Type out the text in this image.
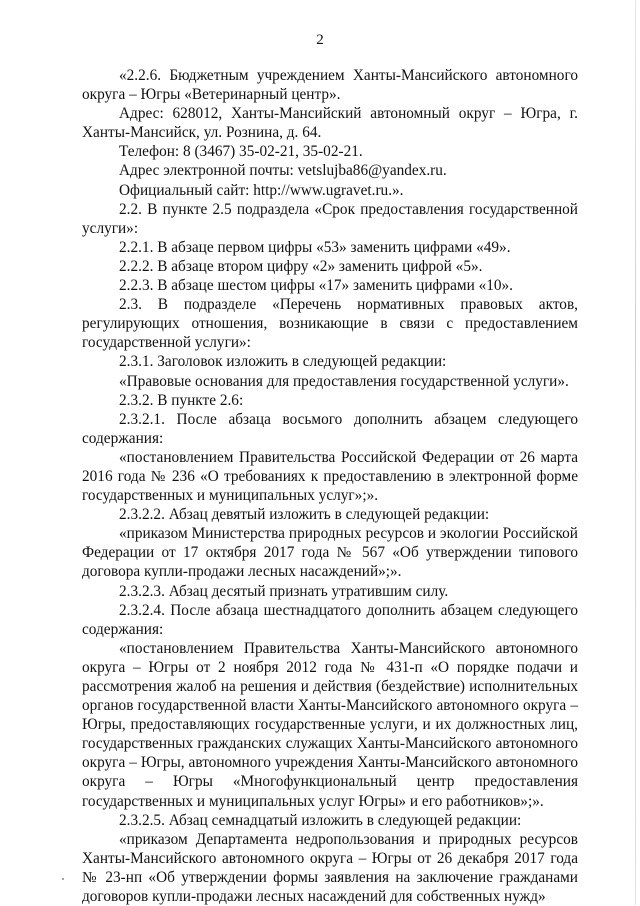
2

«2.2.6. Бюджетным учреждением Ханты-Мансийского автономного округа – Югры «Ветеринарный центр».

Адрес: 628012, Ханты-Мансийский автономный округ – Югра, г. Ханты-Мансийск, ул. Рознина, д. 64.

Телефон: 8 (3467) 35-02-21, 35-02-21.

Адрес электронной почты: vetslujba86@yandex.ru.

Официальный сайт: http://www.ugravet.ru.».

2.2. В пункте 2.5 подраздела «Срок предоставления государственной услуги»:

2.2.1. В абзаце первом цифры «53» заменить цифрами «49».

2.2.2. В абзаце втором цифру «2» заменить цифрой «5».

2.2.3. В абзаце шестом цифры «17» заменить цифрами «10».

2.3. В подразделе «Перечень нормативных правовых актов, регулирующих отношения, возникающие в связи с предоставлением государственной услуги»:

2.3.1. Заголовок изложить в следующей редакции:

«Правовые основания для предоставления государственной услуги».

2.3.2. В пункте 2.6:

2.3.2.1. После абзаца восьмого дополнить абзацем следующего содержания:

«постановлением Правительства Российской Федерации от 26 марта 2016 года № 236 «О требованиях к предоставлению в электронной форме государственных и муниципальных услуг»;».

2.3.2.2. Абзац девятый изложить в следующей редакции:

«приказом Министерства природных ресурсов и экологии Российской Федерации от 17 октября 2017 года № 567 «Об утверждении типового договора купли-продажи лесных насаждений»;».

2.3.2.3. Абзац десятый признать утратившим силу.

2.3.2.4. После абзаца шестнадцатого дополнить абзацем следующего содержания:

«постановлением Правительства Ханты-Мансийского автономного округа – Югры от 2 ноября 2012 года № 431-п «О порядке подачи и рассмотрения жалоб на решения и действия (бездействие) исполнительных органов государственной власти Ханты-Мансийского автономного округа – Югры, предоставляющих государственные услуги, и их должностных лиц, государственных гражданских служащих Ханты-Мансийского автономного округа – Югры, автономного учреждения Ханты-Мансийского автономного округа – Югры «Многофункциональный центр предоставления государственных и муниципальных услуг Югры» и его работников»;».

2.3.2.5. Абзац семнадцатый изложить в следующей редакции:

«приказом Департамента недропользования и природных ресурсов Ханты-Мансийского автономного округа – Югры от 26 декабря 2017 года № 23-нп «Об утверждении формы заявления на заключение гражданами договоров купли-продажи лесных насаждений для собственных нужд»
